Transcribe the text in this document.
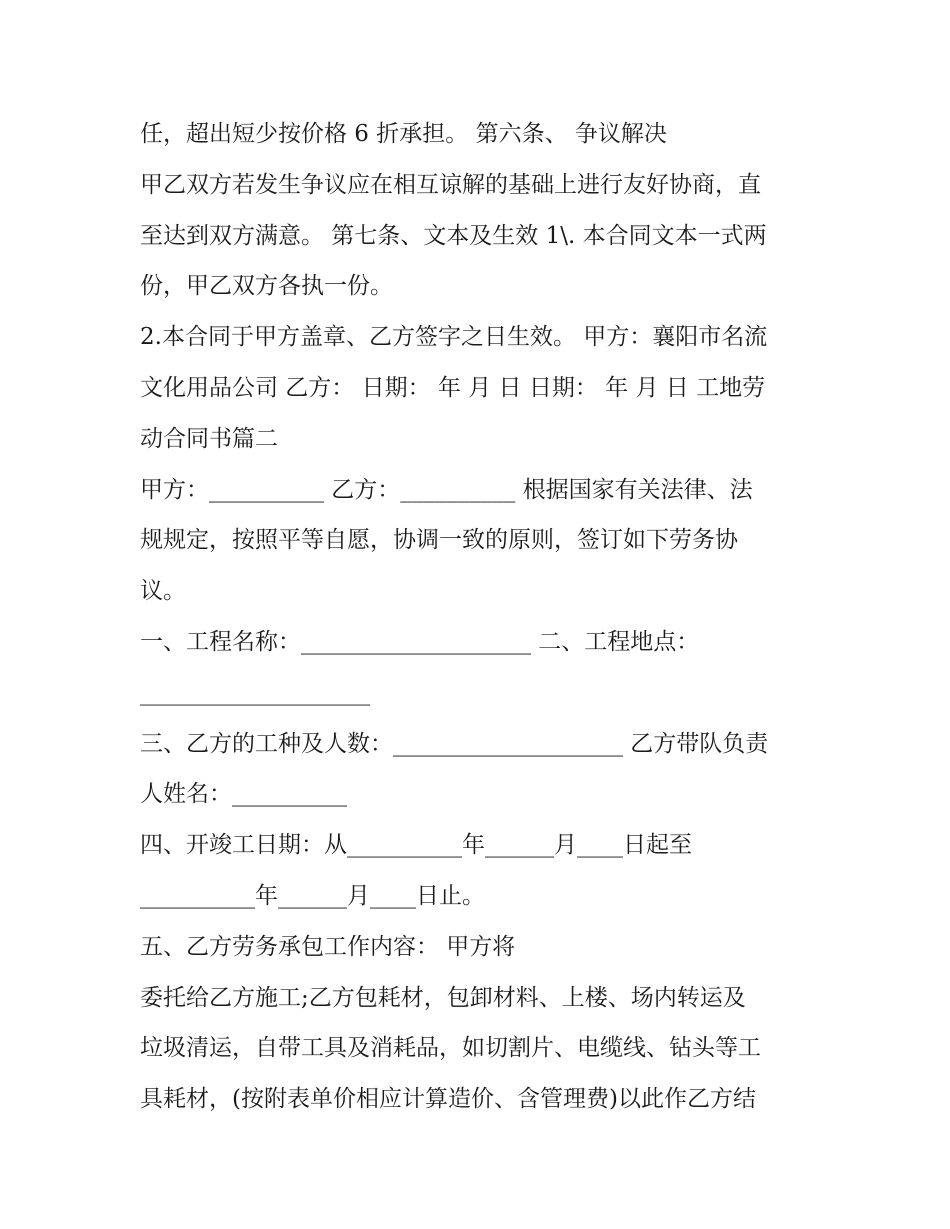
任，超出短少按价格 6 折承担。 第六条、 争议解决
甲乙双方若发生争议应在相互谅解的基础上进行友好协商，直
至达到双方满意。 第七条、文本及生效 1\. 本合同文本一式两
份，甲乙双方各执一份。
2.本合同于甲方盖章、乙方签字之日生效。 甲方：襄阳市名流
文化用品公司 乙方： 日期： 年 月 日 日期： 年 月 日 工地劳
动合同书篇二
甲方：__________ 乙方：__________ 根据国家有关法律、法
规规定，按照平等自愿，协调一致的原则，签订如下劳务协
议。
一、工程名称：____________________ 二、工程地点：
____________________
三、乙方的工种及人数：____________________ 乙方带队负责
人姓名：__________
四、开竣工日期：从__________年______月____日起至
__________年______月____日止。
五、乙方劳务承包工作内容： 甲方将
委托给乙方施工;乙方包耗材，包卸材料、上楼、场内转运及
垃圾清运，自带工具及消耗品，如切割片、电缆线、钻头等工
具耗材，(按附表单价相应计算造价、含管理费)以此作乙方结
